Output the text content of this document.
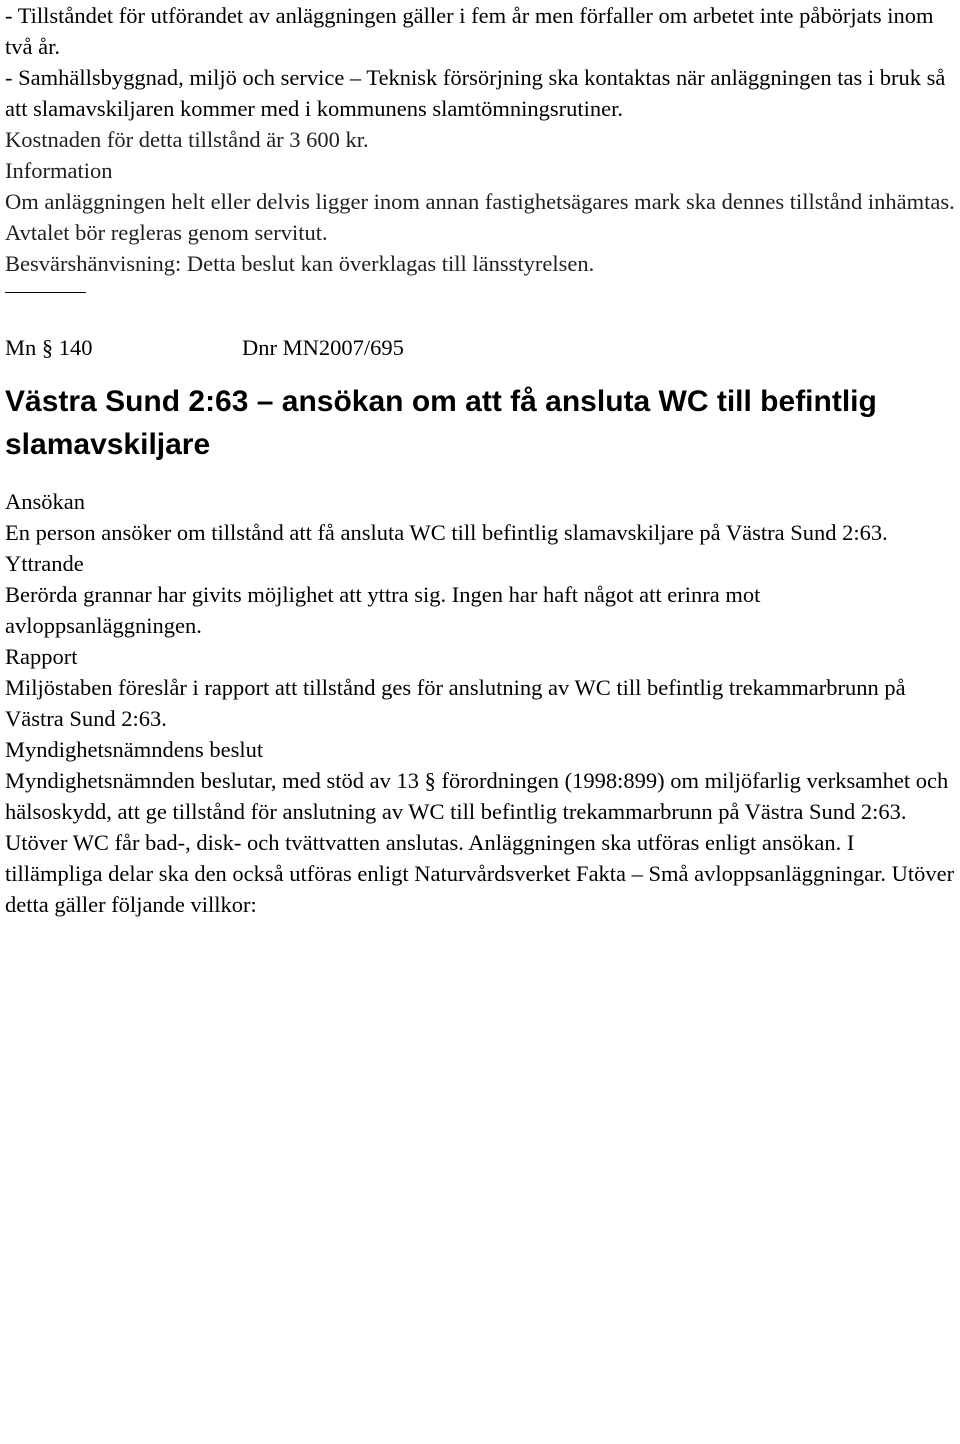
- Tillståndet för utförandet av anläggningen gäller i fem år men förfaller om arbetet inte påbörjats inom två år.

- Samhällsbyggnad, miljö och service – Teknisk försörjning ska kontaktas när anläggningen tas i bruk så att slamavskiljaren kommer med i kommunens slamtömningsrutiner.

Kostnaden för detta tillstånd är 3 600 kr.

Information

Om anläggningen helt eller delvis ligger inom annan fastighetsägares mark ska dennes tillstånd inhämtas. Avtalet bör regleras genom servitut.

Besvärshänvisning: Detta beslut kan överklagas till länsstyrelsen.

Mn § 140	Dnr MN2007/695
Västra Sund 2:63 – ansökan om att få ansluta WC till befintlig slamavskiljare

Ansökan

En person ansöker om tillstånd att få ansluta WC till befintlig slamavskiljare på Västra Sund 2:63.

Yttrande

Berörda grannar har givits möjlighet att yttra sig. Ingen har haft något att erinra mot avloppsanläggningen.

Rapport

Miljöstaben föreslår i rapport att tillstånd ges för anslutning av WC till befintlig trekammarbrunn på Västra Sund 2:63.

Myndighetsnämndens beslut

Myndighetsnämnden beslutar, med stöd av 13 § förordningen (1998:899) om miljöfarlig verksamhet och hälsoskydd, att ge tillstånd för anslutning av WC till befintlig trekammarbrunn på Västra Sund 2:63. Utöver WC får bad-, disk- och tvättvatten anslutas. Anläggningen ska utföras enligt ansökan. I tillämpliga delar ska den också utföras enligt Naturvårdsverket Fakta – Små avloppsanläggningar. Utöver detta gäller följande villkor:
